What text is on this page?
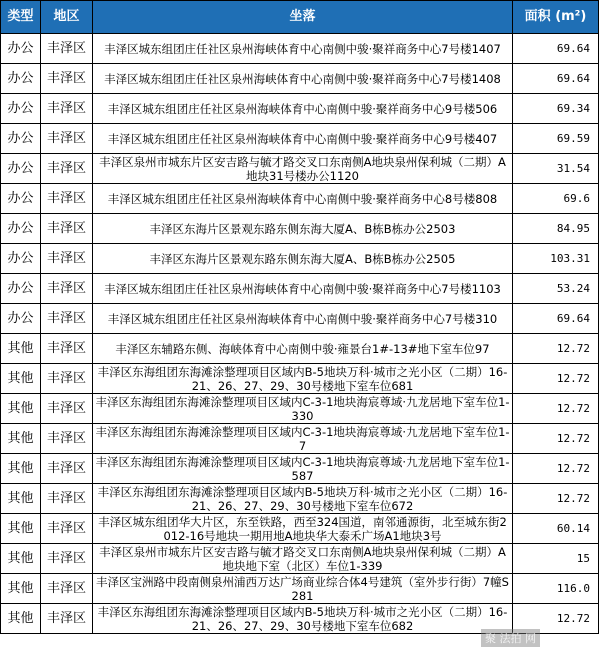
类型	地区	坐落	面积 (m²)
办公	丰泽区	丰泽区城东组团庄任社区泉州海峡体育中心南侧中骏·聚祥商务中心7号楼1407	69.64
办公	丰泽区	丰泽区城东组团庄任社区泉州海峡体育中心南侧中骏·聚祥商务中心7号楼1408	69.64
办公	丰泽区	丰泽区城东组团庄任社区泉州海峡体育中心南侧中骏·聚祥商务中心9号楼506	69.34
办公	丰泽区	丰泽区城东组团庄任社区泉州海峡体育中心南侧中骏·聚祥商务中心9号楼407	69.59
办公	丰泽区	丰泽区泉州市城东片区安吉路与毓才路交叉口东南侧A地块泉州保利城（二期）A地块31号楼办公1120	31.54
办公	丰泽区	丰泽区城东组团庄任社区泉州海峡体育中心南侧中骏·聚祥商务中心8号楼808	69.6
办公	丰泽区	丰泽区东海片区景观东路东侧东海大厦A、B栋B栋办公2503	84.95
办公	丰泽区	丰泽区东海片区景观东路东侧东海大厦A、B栋B栋办公2505	103.31
办公	丰泽区	丰泽区城东组团庄任社区泉州海峡体育中心南侧中骏·聚祥商务中心7号楼1103	53.24
办公	丰泽区	丰泽区城东组团庄任社区泉州海峡体育中心南侧中骏·聚祥商务中心7号楼310	69.64
其他	丰泽区	丰泽区东辅路东侧、海峡体育中心南侧中骏·雍景台1#-13#地下室车位97	12.72
其他	丰泽区	丰泽区东海组团东海滩涂整理项目区域内B-5地块万科·城市之光小区（二期）16-21、26、27、29、30号楼地下室车位681	12.72
其他	丰泽区	丰泽区东海组团东海滩涂整理项目区域内C-3-1地块海宸尊域·九龙居地下室车位1-330	12.72
其他	丰泽区	丰泽区东海组团东海滩涂整理项目区域内C-3-1地块海宸尊域·九龙居地下室车位1-7	12.72
其他	丰泽区	丰泽区东海组团东海滩涂整理项目区域内C-3-1地块海宸尊域·九龙居地下室车位1-587	12.72
其他	丰泽区	丰泽区东海组团东海滩涂整理项目区域内B-5地块万科·城市之光小区（二期）16-21、26、27、29、30号楼地下室车位672	12.72
其他	丰泽区	丰泽区城东组团华大片区，东至铁路，西至324国道，南邻通源街，北至城东街2012-16号地块一期用地A地块华大泰禾广场A1地块3号	60.14
其他	丰泽区	丰泽区泉州市城东片区安吉路与毓才路交叉口东南侧A地块泉州保利城（二期）A地块地下室（北区）车位1-339	15
其他	丰泽区	丰泽区宝洲路中段南侧泉州浦西万达广场商业综合体4号建筑（室外步行街）7幢S281	116.0
其他	丰泽区	丰泽区东海组团东海滩涂整理项目区域内B-5地块万科·城市之光小区（二期）16-21、26、27、29、30号楼地下室车位682	12.72
聚 法拍 网
